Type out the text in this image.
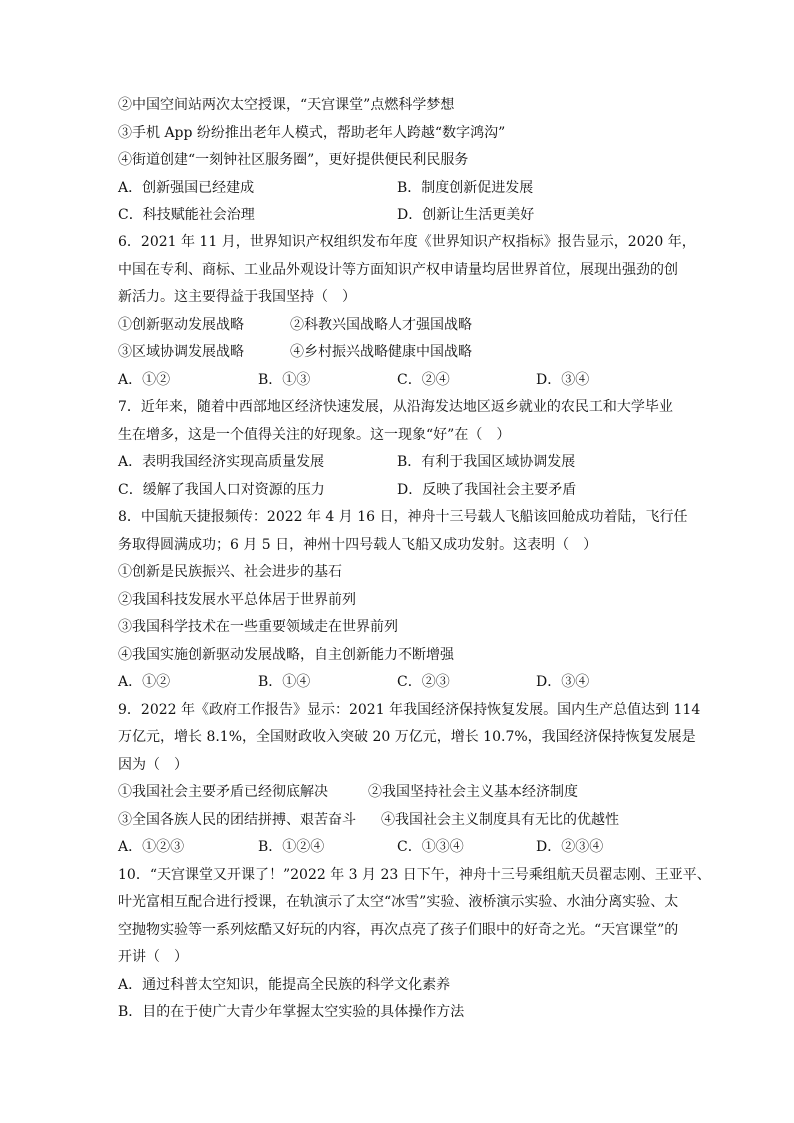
②中国空间站两次太空授课，“天宫课堂”点燃科学梦想
③手机 App 纷纷推出老年人模式，帮助老年人跨越“数字鸿沟”
④街道创建“一刻钟社区服务圈”，更好提供便民利民服务
A．创新强国已经建成	B．制度创新促进发展
C．科技赋能社会治理	D．创新让生活更美好
6．2021 年 11 月，世界知识产权组织发布年度《世界知识产权指标》报告显示，2020 年，
中国在专利、商标、工业品外观设计等方面知识产权申请量均居世界首位，展现出强劲的创
新活力。这主要得益于我国坚持（　）
①创新驱动发展战略	②科教兴国战略人才强国战略
③区域协调发展战略	④乡村振兴战略健康中国战略
A．①②	B．①③	C．②④	D．③④
7．近年来，随着中西部地区经济快速发展，从沿海发达地区返乡就业的农民工和大学毕业
生在增多，这是一个值得关注的好现象。这一现象“好”在（　）
A．表明我国经济实现高质量发展	B．有利于我国区域协调发展
C．缓解了我国人口对资源的压力	D．反映了我国社会主要矛盾
8．中国航天捷报频传：2022 年 4 月 16 日，神舟十三号载人飞船该回舱成功着陆，飞行任
务取得圆满成功；6 月 5 日，神州十四号载人飞船又成功发射。这表明（　）
①创新是民族振兴、社会进步的基石
②我国科技发展水平总体居于世界前列
③我国科学技术在一些重要领域走在世界前列
④我国实施创新驱动发展战略，自主创新能力不断增强
A．①②	B．①④	C．②③	D．③④
9．2022 年《政府工作报告》显示：2021 年我国经济保持恢复发展。国内生产总值达到 114
万亿元，增长 8.1%，全国财政收入突破 20 万亿元，增长 10.7%，我国经济保持恢复发展是
因为（　）
①我国社会主要矛盾已经彻底解决	②我国坚持社会主义基本经济制度
③全国各族人民的团结拼搏、艰苦奋斗 ④我国社会主义制度具有无比的优越性
A．①②③	B．①②④	C．①③④	D．②③④
10．“天宫课堂又开课了！”2022 年 3 月 23 日下午，神舟十三号乘组航天员翟志刚、王亚平、
叶光富相互配合进行授课，在轨演示了太空“冰雪”实验、液桥演示实验、水油分离实验、太
空抛物实验等一系列炫酷又好玩的内容，再次点亮了孩子们眼中的好奇之光。“天宫课堂”的
开讲（　）
A．通过科普太空知识，能提高全民族的科学文化素养
B．目的在于使广大青少年掌握太空实验的具体操作方法
